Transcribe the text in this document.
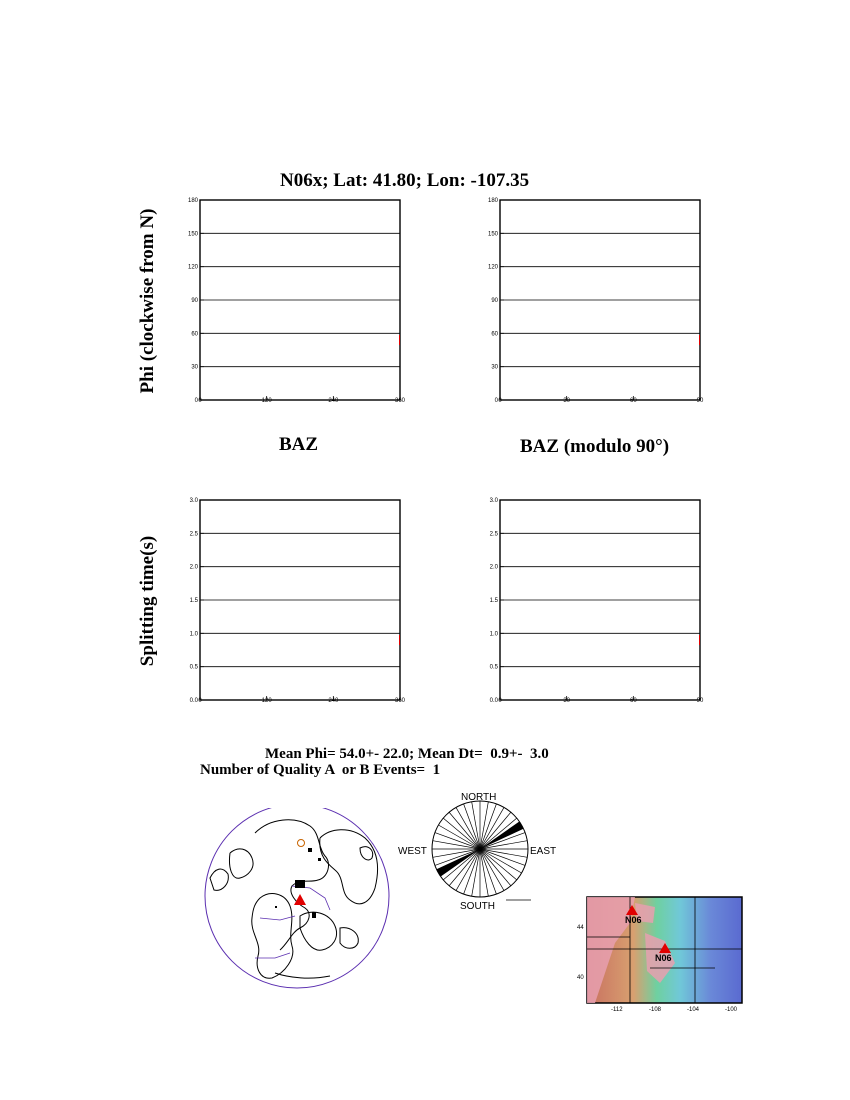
N06x; Lat: 41.80; Lon: -107.35
Phi (clockwise from N)
Splitting time(s)
BAZ	BAZ (modulo 90°)
0
30
60
90
120
150
180
0	120	240	360	0
30
60
90
120
150
180
0	30	60	90
0.0
0.5
1.0
1.5
2.0
2.5
3.0
0	120	240	360	0.0
0.5
1.0
1.5
2.0
2.5
3.0
0	30	60	90
Mean Phi= 54.0+- 22.0; Mean Dt=  0.9+-  3.0
Number of Quality A  or B Events=  1
NORTH
SOUTH
EAST
WEST
N06
N06
44
40
-112	-108	-104	-100
